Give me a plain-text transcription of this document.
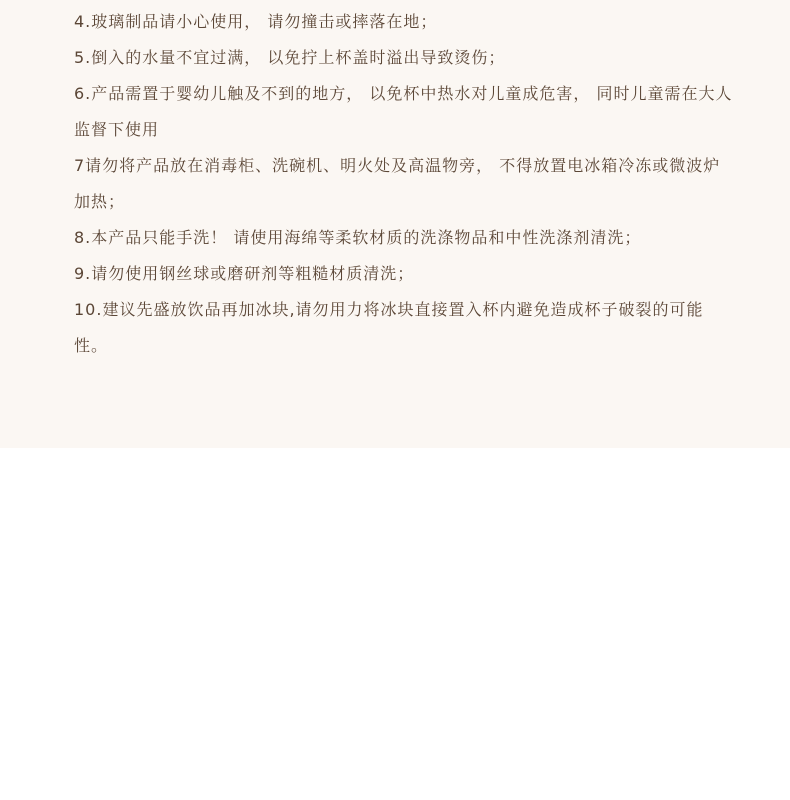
4.玻璃制品请小心使用， 请勿撞击或摔落在地；
5.倒入的水量不宜过满， 以免拧上杯盖时溢出导致烫伤；
6.产品需置于婴幼儿触及不到的地方， 以免杯中热水对儿童成危害， 同时儿童需在大人监督下使用
7请勿将产品放在消毒柜、洗碗机、明火处及高温物旁， 不得放置电冰箱冷冻或微波炉加热；
8.本产品只能手洗！ 请使用海绵等柔软材质的洗涤物品和中性洗涤剂清洗；
9.请勿使用钢丝球或磨研剂等粗糙材质清洗；
10.建议先盛放饮品再加冰块,请勿用力将冰块直接置入杯内避免造成杯子破裂的可能性。
